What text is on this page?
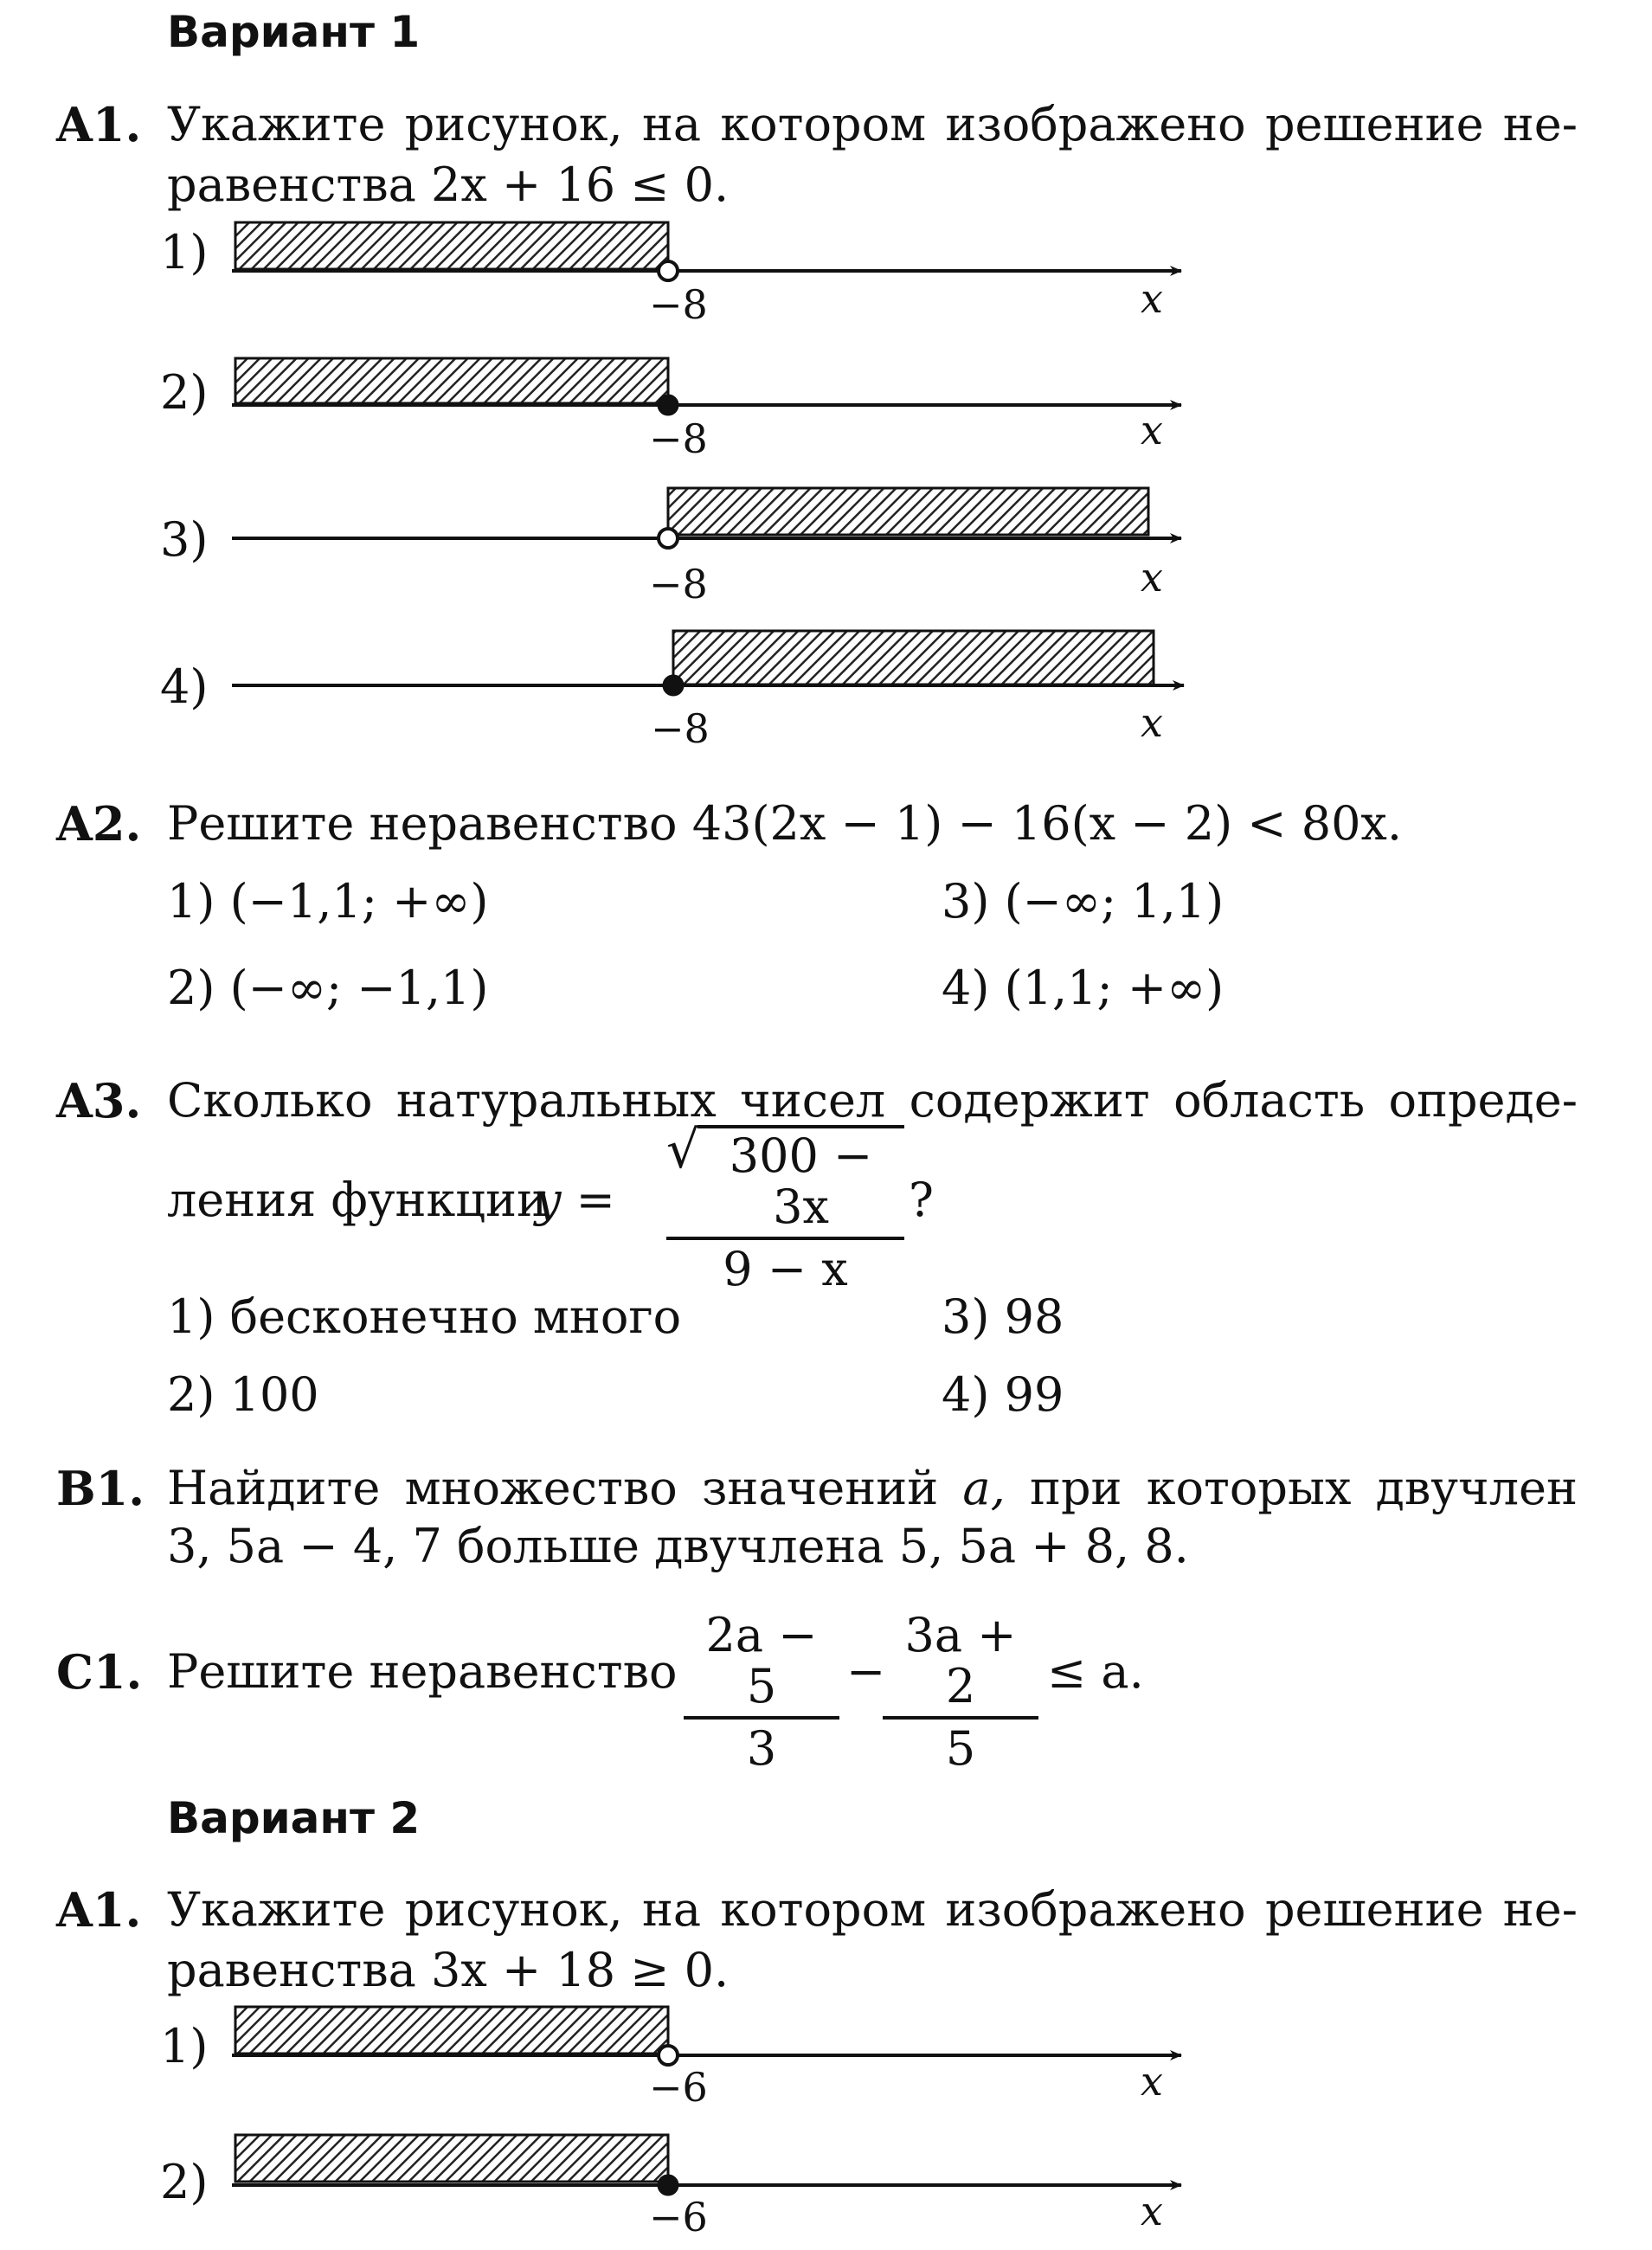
Вариант 1
A1. Укажите рисунок, на котором изображено решение не-
равенства 2x + 16 ≤ 0.
1)
−8	x
2)
−8	x
3)
−8	x
4)
−8	x
A2. Решите неравенство 43(2x − 1) − 16(x − 2) < 80x.
1) (−1,1; +∞)
2) (−∞; −1,1)
3) (−∞; 1,1)
4) (1,1; +∞)
A3. Сколько натуральных чисел содержит область опреде-
ления функции
y =
√ 300 − 3x
9 − x
?
1) бесконечно много
2) 100
3) 98
4) 99
B1. Найдите множество значений a, при которых двучлен
3, 5a − 4, 7 больше двучлена 5, 5a + 8, 8.
C1. Решите неравенство
2a − 5
3
−
3a + 2
5
≤ a.
Вариант 2
A1. Укажите рисунок, на котором изображено решение не-
равенства 3x + 18 ≥ 0.
1)
−6	x
2)
−6	x
